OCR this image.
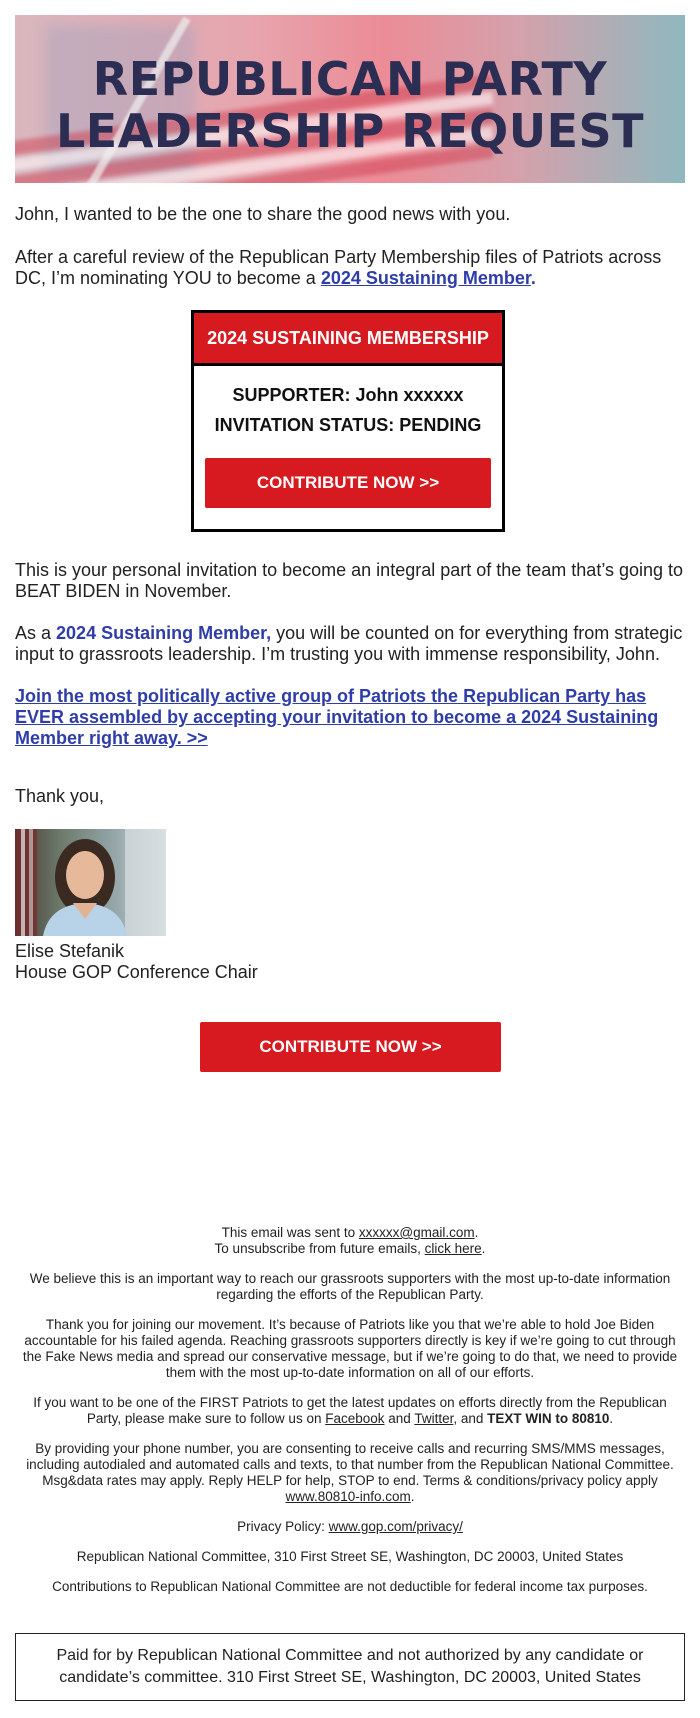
REPUBLICAN PARTY
LEADERSHIP REQUEST

John, I wanted to be the one to share the good news with you.

After a careful review of the Republican Party Membership files of Patriots across DC, I’m nominating YOU to become a 2024 Sustaining Member.

2024 SUSTAINING MEMBERSHIP
SUPPORTER: John xxxxxx
INVITATION STATUS: PENDING
CONTRIBUTE NOW >>

This is your personal invitation to become an integral part of the team that’s going to BEAT BIDEN in November.

As a 2024 Sustaining Member, you will be counted on for everything from strategic input to grassroots leadership. I’m trusting you with immense responsibility, John.

Join the most politically active group of Patriots the Republican Party has EVER assembled by accepting your invitation to become a 2024 Sustaining Member right away. >>

Thank you,

Elise Stefanik

House GOP Conference Chair

CONTRIBUTE NOW >>

This email was sent to xxxxxx@gmail.com.

To unsubscribe from future emails, click here.

We believe this is an important way to reach our grassroots supporters with the most up-to-date information regarding the efforts of the Republican Party.

Thank you for joining our movement. It’s because of Patriots like you that we’re able to hold Joe Biden accountable for his failed agenda. Reaching grassroots supporters directly is key if we’re going to cut through the Fake News media and spread our conservative message, but if we’re going to do that, we need to provide them with the most up-to-date information on all of our efforts.

If you want to be one of the FIRST Patriots to get the latest updates on efforts directly from the Republican Party, please make sure to follow us on Facebook and Twitter, and TEXT WIN to 80810.

By providing your phone number, you are consenting to receive calls and recurring SMS/MMS messages, including autodialed and automated calls and texts, to that number from the Republican National Committee. Msg&data rates may apply. Reply HELP for help, STOP to end. Terms & conditions/privacy policy apply www.80810-info.com.

Privacy Policy: www.gop.com/privacy/

Republican National Committee, 310 First Street SE, Washington, DC 20003, United States

Contributions to Republican National Committee are not deductible for federal income tax purposes.

Paid for by Republican National Committee and not authorized by any candidate or candidate’s committee. 310 First Street SE, Washington, DC 20003, United States
